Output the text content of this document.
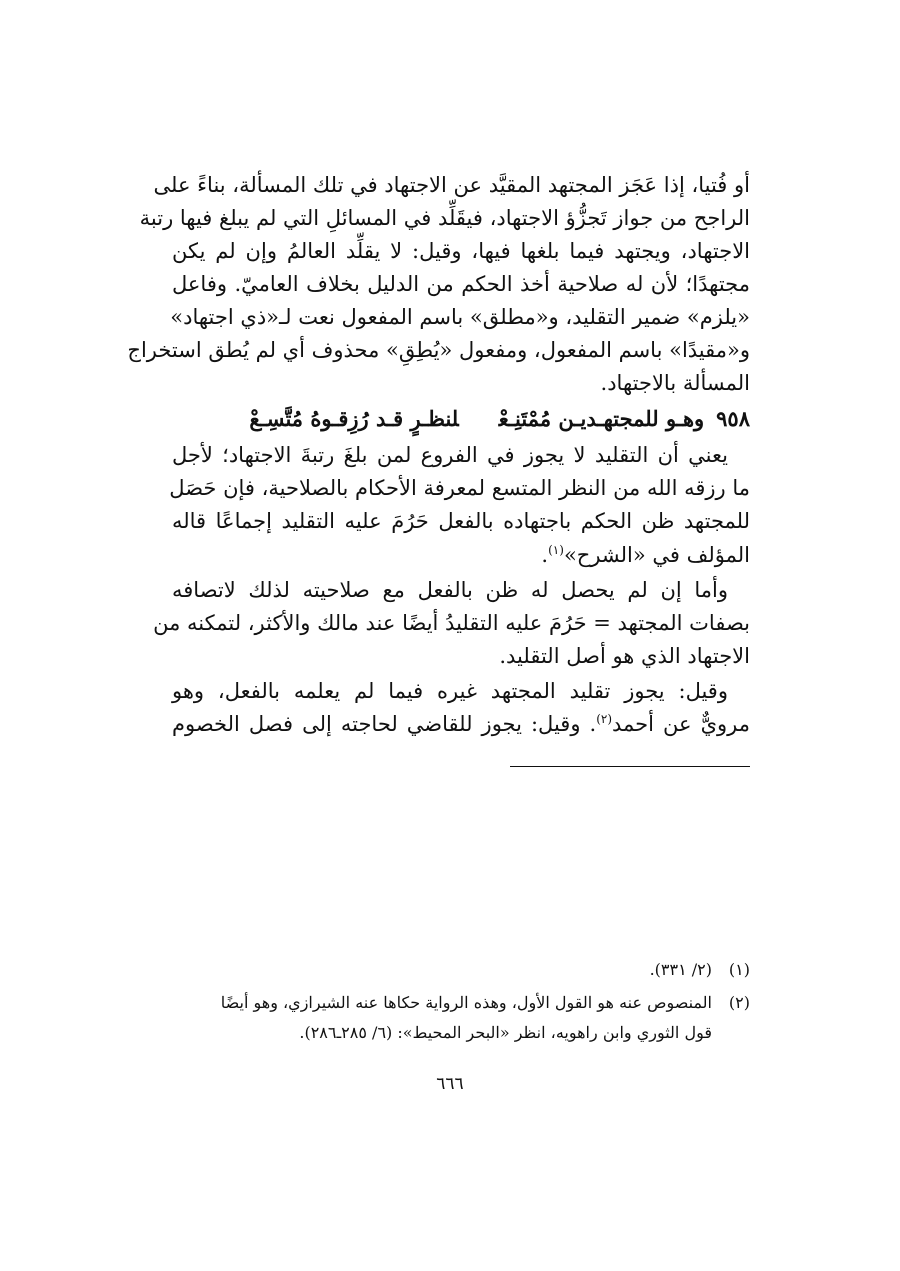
أو فُتيا، إذا عَجَز المجتهد المقيَّد عن الاجتهاد في تلك المسألة، بناءً على
الراجح من جواز تَجزُّؤ الاجتهاد، فيقَلِّد في المسائلِ التي لم يبلغ فيها رتبة
الاجتهاد، ويجتهد فيما بلغها فيها، وقيل: لا يقلِّد العالمُ وإن لم يكن
مجتهدًا؛ لأن له صلاحية أخذ الحكم من الدليل بخلاف العاميّ. وفاعل
«يلزم» ضمير التقليد، و«مطلق» باسم المفعول نعت لـ«ذي اجتهاد»
و«مقيدًا» باسم المفعول، ومفعول «يُطِقِ» محذوف أي لم يُطق استخراج
المسألة بالاجتهاد.
٩٥٨وهـو للمجتهـديـن مُمْتَنِـعْلنظـرٍ قـد رُزِقـوهُ مُتَّسِـعْ
يعني أن التقليد لا يجوز في الفروع لمن بلغَ رتبةَ الاجتهاد؛ لأجل
ما رزقه الله من النظر المتسع لمعرفة الأحكام بالصلاحية، فإن حَصَل
للمجتهد ظن الحكم باجتهاده بالفعل حَرُمَ عليه التقليد إجماعًا قاله
المؤلف في «الشرح»$^{(١)}$.
وأما إن لم يحصل له ظن بالفعل مع صلاحيته لذلك لاتصافه
بصفات المجتهد = حَرُمَ عليه التقليدُ أيضًا عند مالك والأكثر، لتمكنه من
الاجتهاد الذي هو أصل التقليد.
وقيل: يجوز تقليد المجتهد غيره فيما لم يعلمه بالفعل، وهو
مرويٌّ عن أحمد$^{(٢)}$. وقيل: يجوز للقاضي لحاجته إلى فصل الخصوم
(١)(٢/ ٣٣١).
(٢)المنصوص عنه هو القول الأول، وهذه الرواية حكاها عنه الشيرازي، وهو أيضًا
قول الثوري وابن راهويه، انظر «البحر المحيط»: (٦/ ٢٨٥ـ٢٨٦).
٦٦٦
